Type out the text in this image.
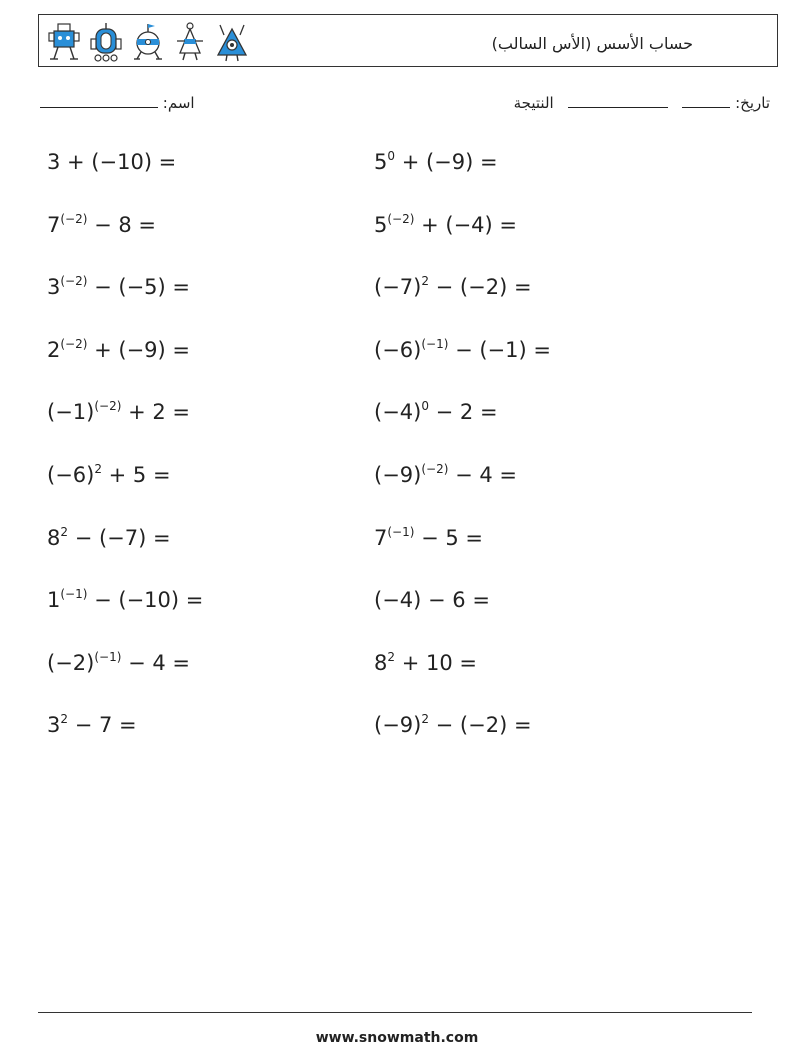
حساب الأسس (الأس السالب)
تاريخ:       النتيجة
اسم:
3 + (−10) =	$5^0 + (-9)$ =
$7^{(-2)} - 8$ =	$5^{(-2)} + (-4)$ =
$3^{(-2)} - (-5)$ =	$(-7)^2 - (-2)$ =
$2^{(-2)} + (-9)$ =	$(-6)^{(-1)} - (-1)$ =
$(-1)^{(-2)} + 2$ =	$(-4)^0 - 2$ =
$(-6)^2 + 5$ =	$(-9)^{(-2)} - 4$ =
$8^2 - (-7)$ =	$7^{(-1)} - 5$ =
$1^{(-1)} - (-10)$ =	(−4) − 6 =
$(-2)^{(-1)} - 4$ =	$8^2 + 10$ =
$3^2 - 7$ =	$(-9)^2 - (-2)$ =
www.snowmath.com
